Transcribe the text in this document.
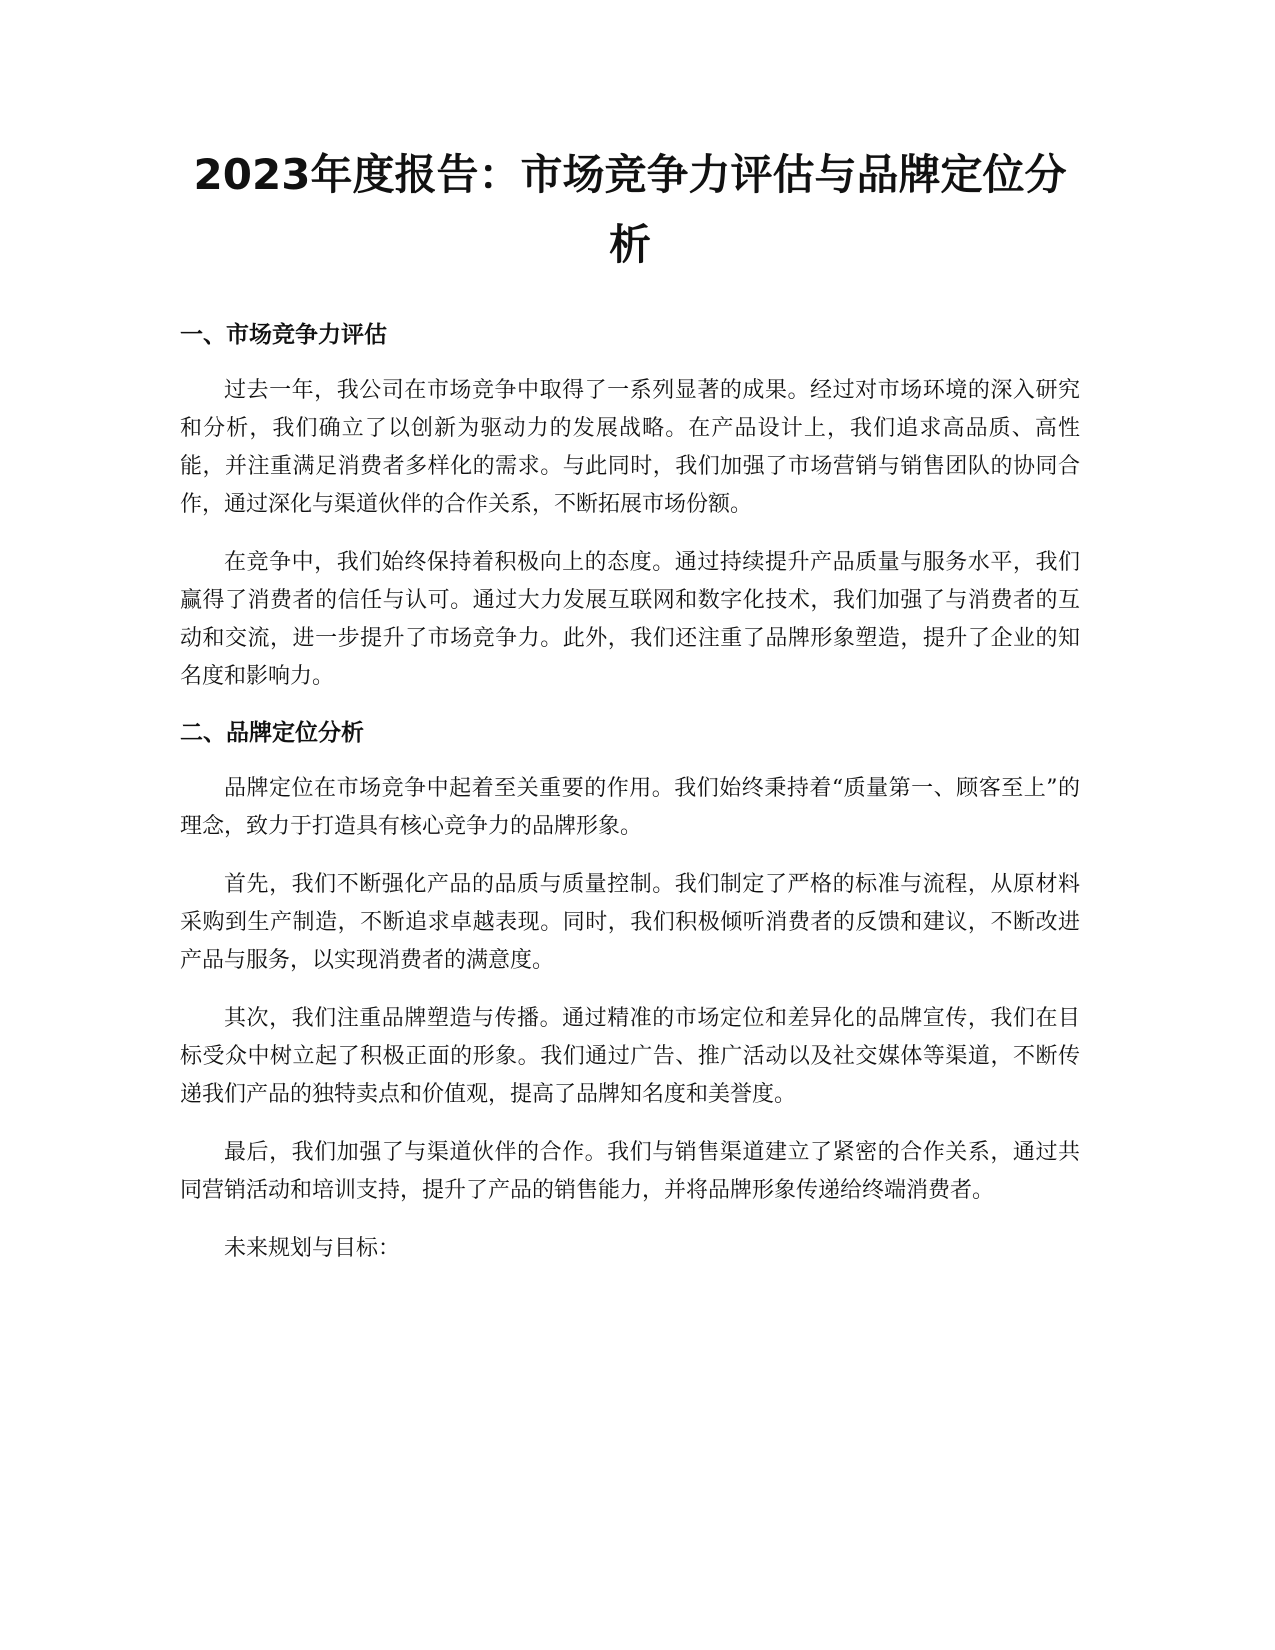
2023年度报告：市场竞争力评估与品牌定位分析
一、市场竞争力评估

过去一年，我公司在市场竞争中取得了一系列显著的成果。经过对市场环境的深入研究和分析，我们确立了以创新为驱动力的发展战略。在产品设计上，我们追求高品质、高性能，并注重满足消费者多样化的需求。与此同时，我们加强了市场营销与销售团队的协同合作，通过深化与渠道伙伴的合作关系，不断拓展市场份额。

在竞争中，我们始终保持着积极向上的态度。通过持续提升产品质量与服务水平，我们赢得了消费者的信任与认可。通过大力发展互联网和数字化技术，我们加强了与消费者的互动和交流，进一步提升了市场竞争力。此外，我们还注重了品牌形象塑造，提升了企业的知名度和影响力。

二、品牌定位分析

品牌定位在市场竞争中起着至关重要的作用。我们始终秉持着“质量第一、顾客至上”的理念，致力于打造具有核心竞争力的品牌形象。

首先，我们不断强化产品的品质与质量控制。我们制定了严格的标准与流程，从原材料采购到生产制造，不断追求卓越表现。同时，我们积极倾听消费者的反馈和建议，不断改进产品与服务，以实现消费者的满意度。

其次，我们注重品牌塑造与传播。通过精准的市场定位和差异化的品牌宣传，我们在目标受众中树立起了积极正面的形象。我们通过广告、推广活动以及社交媒体等渠道，不断传递我们产品的独特卖点和价值观，提高了品牌知名度和美誉度。

最后，我们加强了与渠道伙伴的合作。我们与销售渠道建立了紧密的合作关系，通过共同营销活动和培训支持，提升了产品的销售能力，并将品牌形象传递给终端消费者。

未来规划与目标：
